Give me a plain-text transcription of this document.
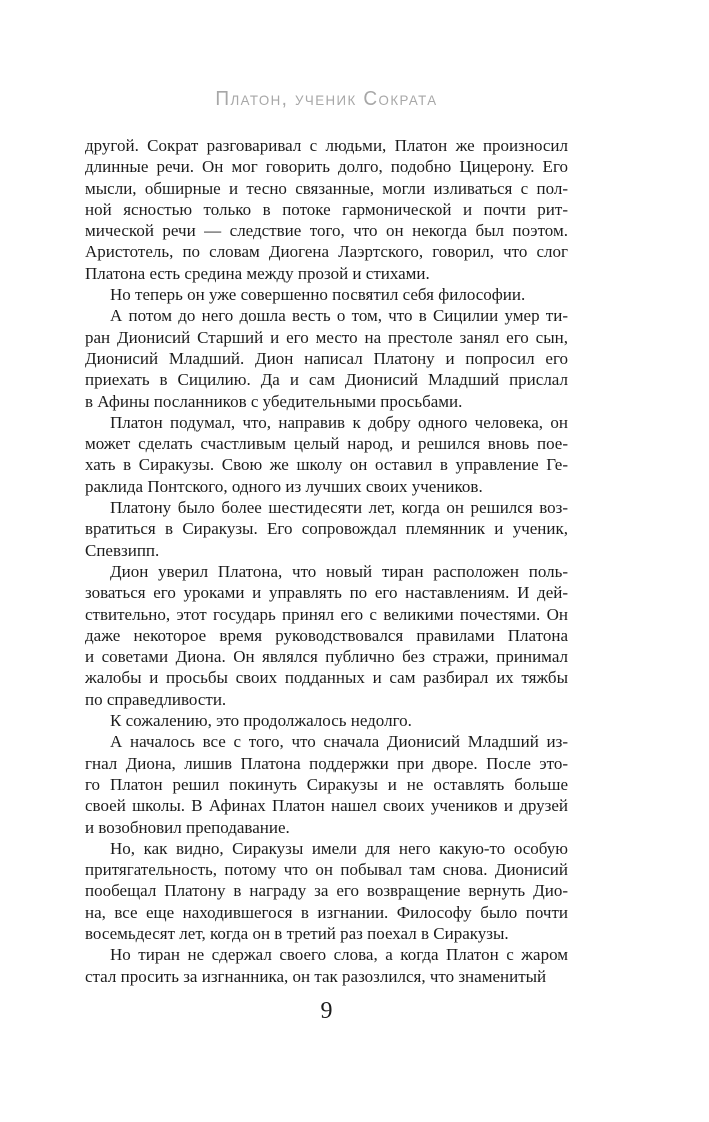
Платон, ученик Сократа
другой. Сократ разговаривал с людьми, Платон же произносил
длинные речи. Он мог говорить долго, подобно Цицерону. Его
мысли, обширные и тесно связанные, могли изливаться с пол-
ной ясностью только в потоке гармонической и почти рит-
мической речи — следствие того, что он некогда был поэтом.
Аристотель, по словам Диогена Лаэртского, говорил, что слог
Платона есть средина между прозой и стихами.
Но теперь он уже совершенно посвятил себя философии.
А потом до него дошла весть о том, что в Сицилии умер ти-
ран Дионисий Старший и его место на престоле занял его сын,
Дионисий Младший. Дион написал Платону и попросил его
приехать в Сицилию. Да и сам Дионисий Младший прислал
в Афины посланников с убедительными просьбами.
Платон подумал, что, направив к добру одного человека, он
может сделать счастливым целый народ, и решился вновь пое-
хать в Сиракузы. Свою же школу он оставил в управление Ге-
раклида Понтского, одного из лучших своих учеников.
Платону было более шестидесяти лет, когда он решился воз-
вратиться в Сиракузы. Его сопровождал племянник и ученик,
Спевзипп.
Дион уверил Платона, что новый тиран расположен поль-
зоваться его уроками и управлять по его наставлениям. И дей-
ствительно, этот государь принял его с великими почестями. Он
даже некоторое время руководствовался правилами Платона
и советами Диона. Он являлся публично без стражи, принимал
жалобы и просьбы своих подданных и сам разбирал их тяжбы
по справедливости.
К сожалению, это продолжалось недолго.
А началось все с того, что сначала Дионисий Младший из-
гнал Диона, лишив Платона поддержки при дворе. После это-
го Платон решил покинуть Сиракузы и не оставлять больше
своей школы. В Афинах Платон нашел своих учеников и друзей
и возобновил преподавание.
Но, как видно, Сиракузы имели для него какую-то особую
притягательность, потому что он побывал там снова. Дионисий
пообещал Платону в награду за его возвращение вернуть Дио-
на, все еще находившегося в изгнании. Философу было почти
восемьдесят лет, когда он в третий раз поехал в Сиракузы.
Но тиран не сдержал своего слова, а когда Платон с жаром
стал просить за изгнанника, он так разозлился, что знаменитый
9
